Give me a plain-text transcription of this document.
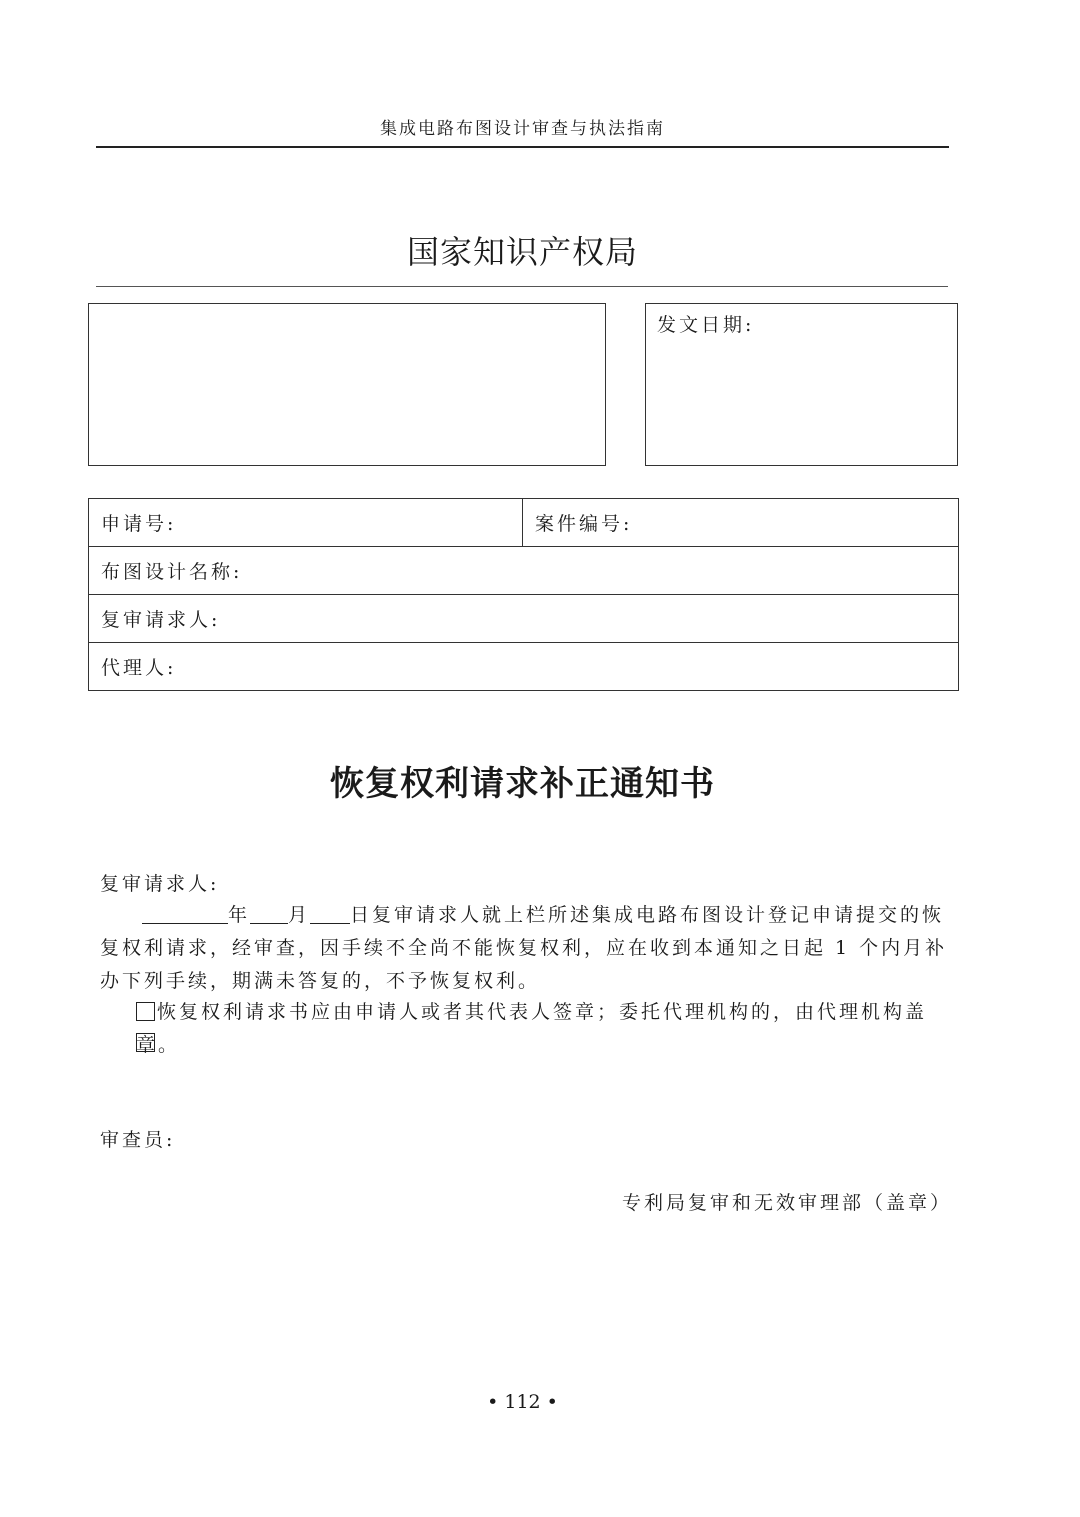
集成电路布图设计审查与执法指南
国家知识产权局
发文日期:
申请号:	案件编号:
布图设计名称:
复审请求人:
代理人:
恢复权利请求补正通知书
复审请求人:
年 月 日复审请求人就上栏所述集成电路布图设计登记申请提交的恢复权利请求，经审查，因手续不全尚不能恢复权利，应在收到本通知之日起 1 个内月补办下列手续，期满未答复的，不予恢复权利。
恢复权利请求书应由申请人或者其代表人签章；委托代理机构的，由代理机构盖章。
审查员:
专利局复审和无效审理部（盖章）
• 112 •
